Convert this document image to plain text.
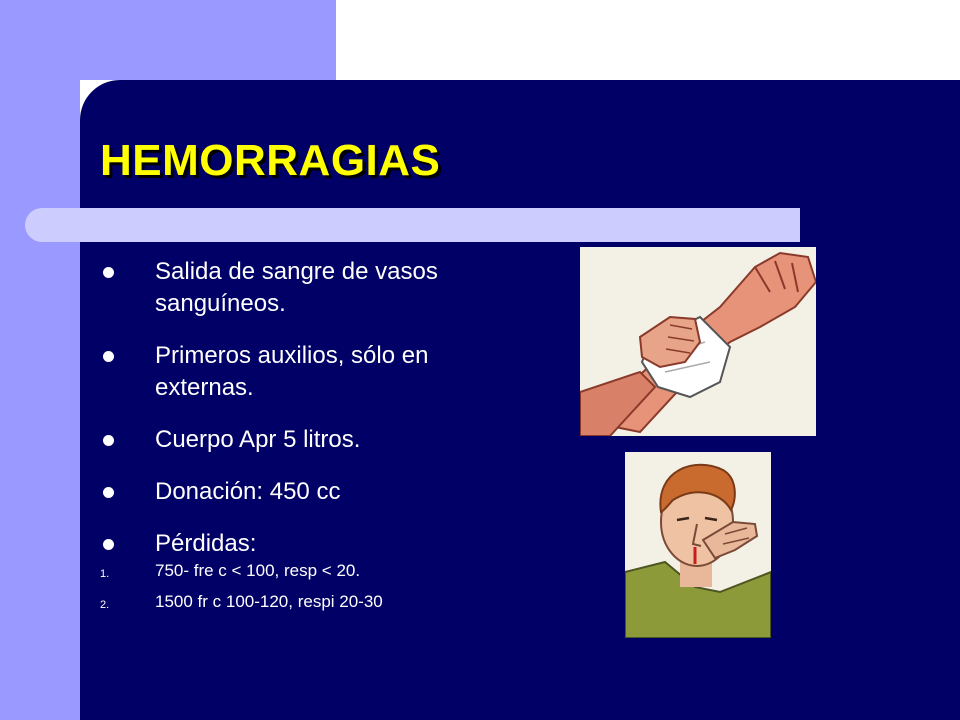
HEMORRAGIAS
Salida de sangre de vasos sanguíneos.
Primeros auxilios, sólo en externas.
Cuerpo Apr 5 litros.
Donación: 450 cc
Pérdidas:
1.	750- fre c < 100, resp < 20.
2.	1500 fr c 100-120, respi 20-30
